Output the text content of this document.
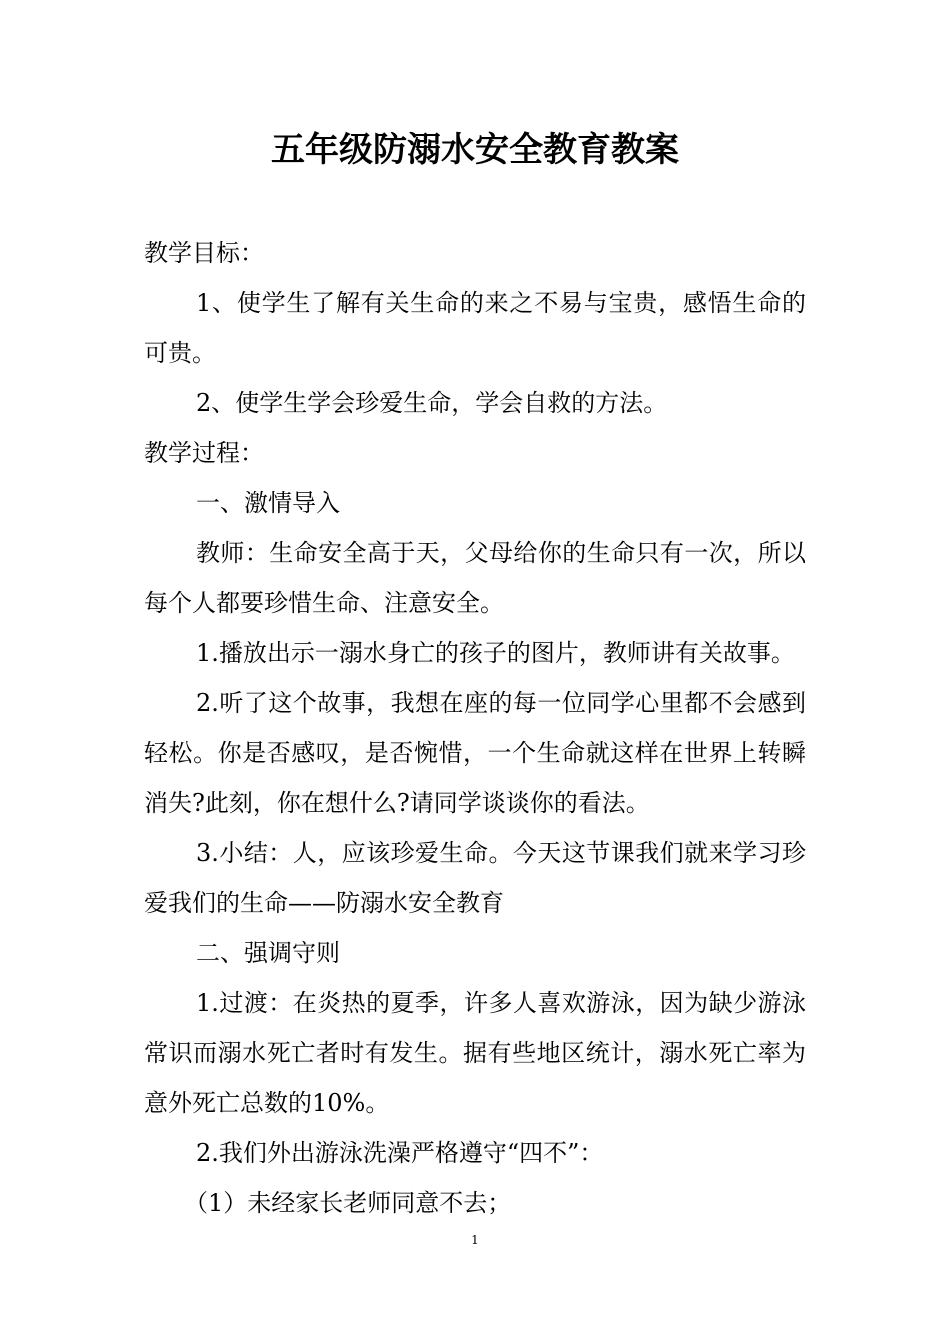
五年级防溺水安全教育教案

教学目标：

1、使学生了解有关生命的来之不易与宝贵，感悟生命的可贵。

2、使学生学会珍爱生命，学会自救的方法。

教学过程：

一、激情导入

教师：生命安全高于天，父母给你的生命只有一次，所以每个人都要珍惜生命、注意安全。

1.播放出示一溺水身亡的孩子的图片，教师讲有关故事。

2.听了这个故事，我想在座的每一位同学心里都不会感到轻松。你是否感叹，是否惋惜，一个生命就这样在世界上转瞬消失?此刻，你在想什么?请同学谈谈你的看法。

3.小结：人，应该珍爱生命。今天这节课我们就来学习珍爱我们的生命——防溺水安全教育

二、强调守则

1.过渡：在炎热的夏季，许多人喜欢游泳，因为缺少游泳常识而溺水死亡者时有发生。据有些地区统计，溺水死亡率为意外死亡总数的10%。

2.我们外出游泳洗澡严格遵守“四不”：

（1）未经家长老师同意不去；

1
